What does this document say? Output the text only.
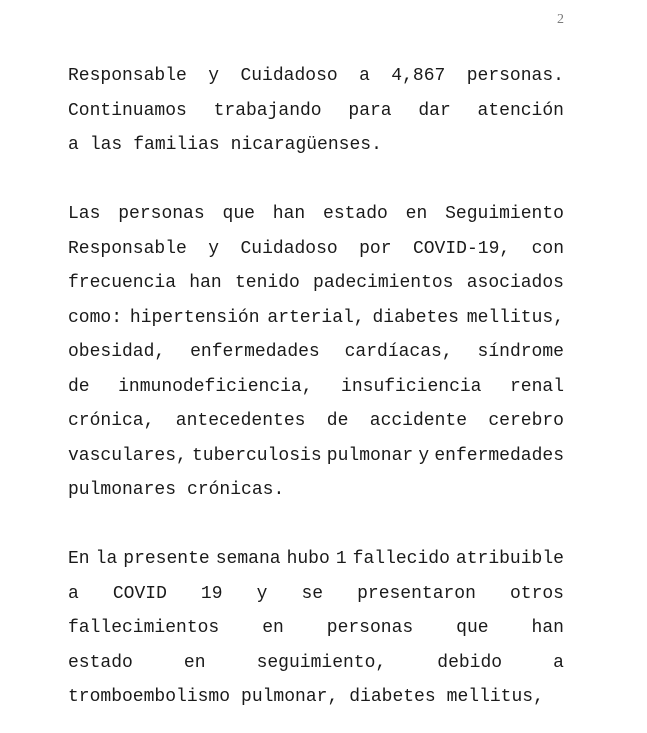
2
Responsable y Cuidadoso a 4,867 personas.
Continuamos trabajando para dar atención
a las familias nicaragüenses.
Las personas que han estado en Seguimiento
Responsable y Cuidadoso por COVID-19, con
frecuencia han tenido padecimientos asociados
como: hipertensión arterial, diabetes mellitus,
obesidad, enfermedades cardíacas, síndrome
de inmunodeficiencia, insuficiencia renal
crónica, antecedentes de accidente cerebro
vasculares, tuberculosis pulmonar y enfermedades
pulmonares crónicas.
En la presente semana hubo 1 fallecido atribuible
a COVID 19 y se presentaron otros
fallecimientos en personas que han
estado	en	seguimiento,	debido	a
tromboembolismo pulmonar, diabetes mellitus,
